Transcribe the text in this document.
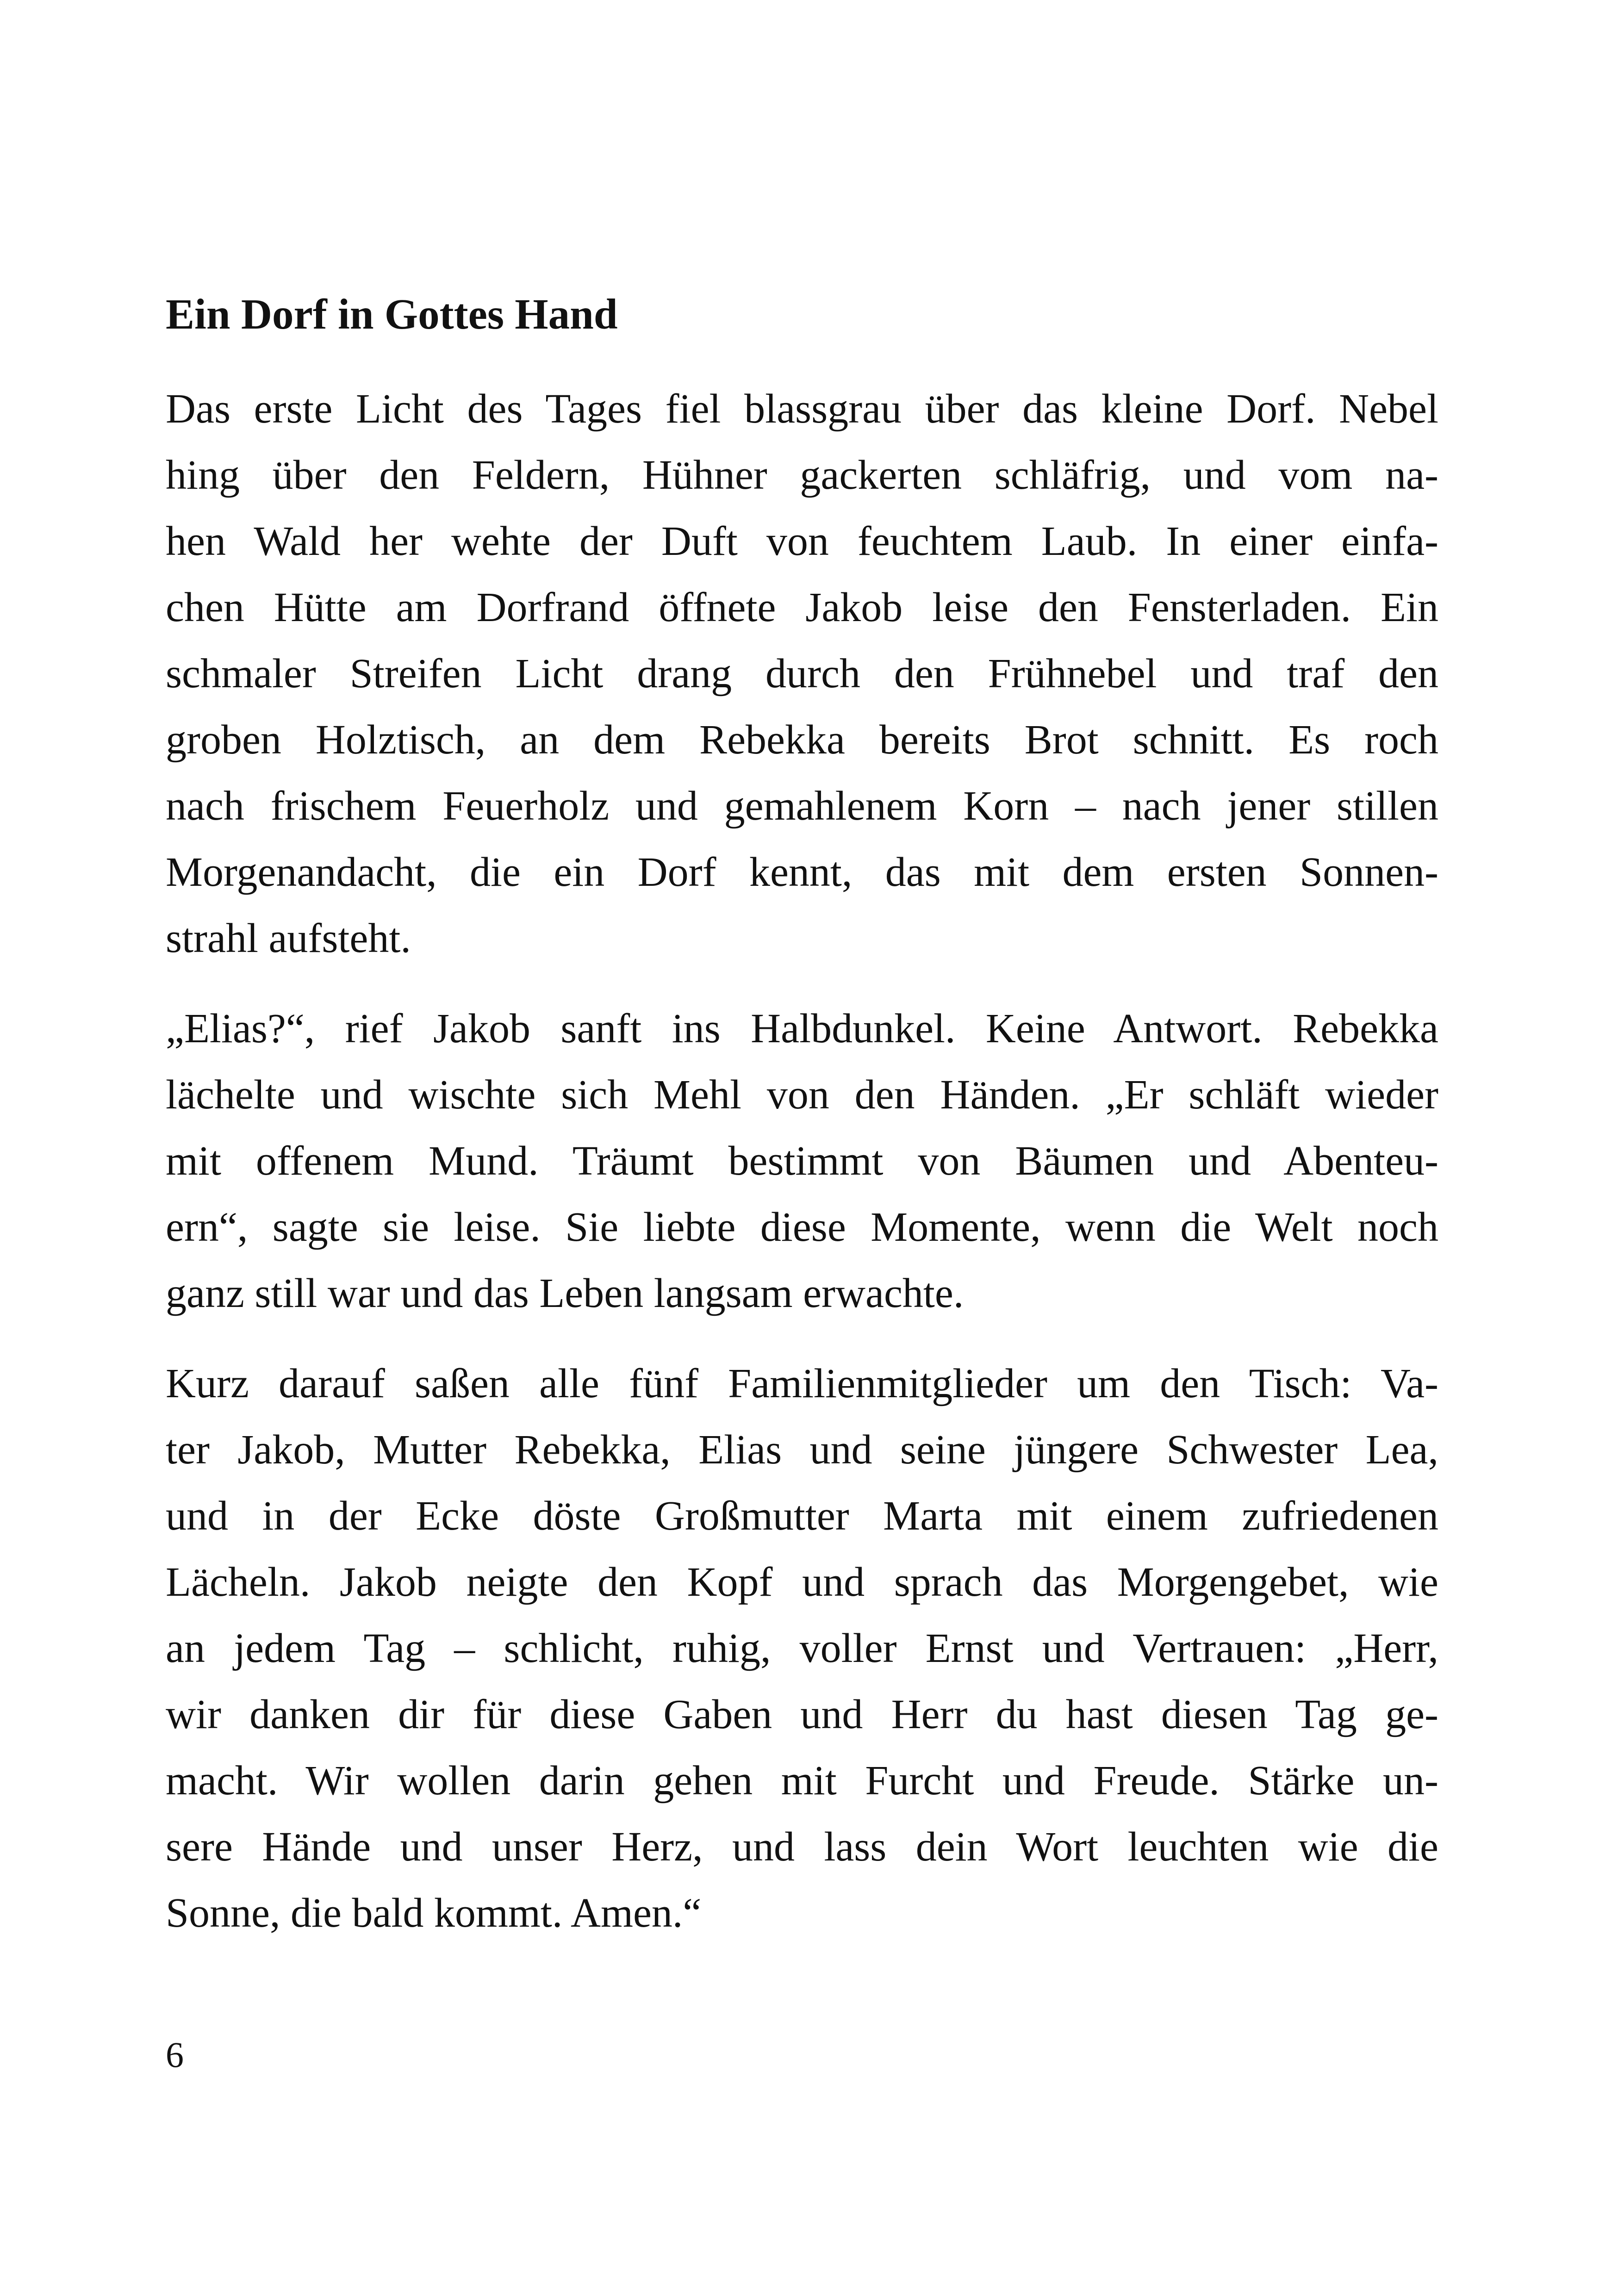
Ein Dorf in Gottes Hand

Das erste Licht des Tages fiel blassgrau über das kleine Dorf. Nebel
hing über den Feldern, Hühner gackerten schläfrig, und vom na-
hen Wald her wehte der Duft von feuchtem Laub. In einer einfa-
chen Hütte am Dorfrand öffnete Jakob leise den Fensterladen. Ein
schmaler Streifen Licht drang durch den Frühnebel und traf den
groben Holztisch, an dem Rebekka bereits Brot schnitt. Es roch
nach frischem Feuerholz und gemahlenem Korn – nach jener stillen
Morgenandacht, die ein Dorf kennt, das mit dem ersten Sonnen-
strahl aufsteht.

„Elias?“, rief Jakob sanft ins Halbdunkel. Keine Antwort. Rebekka
lächelte und wischte sich Mehl von den Händen. „Er schläft wieder
mit offenem Mund. Träumt bestimmt von Bäumen und Abenteu-
ern“, sagte sie leise. Sie liebte diese Momente, wenn die Welt noch
ganz still war und das Leben langsam erwachte.

Kurz darauf saßen alle fünf Familienmitglieder um den Tisch: Va-
ter Jakob, Mutter Rebekka, Elias und seine jüngere Schwester Lea,
und in der Ecke döste Großmutter Marta mit einem zufriedenen
Lächeln. Jakob neigte den Kopf und sprach das Morgengebet, wie
an jedem Tag – schlicht, ruhig, voller Ernst und Vertrauen: „Herr,
wir danken dir für diese Gaben und Herr du hast diesen Tag ge-
macht. Wir wollen darin gehen mit Furcht und Freude. Stärke un-
sere Hände und unser Herz, und lass dein Wort leuchten wie die
Sonne, die bald kommt. Amen.“

6
